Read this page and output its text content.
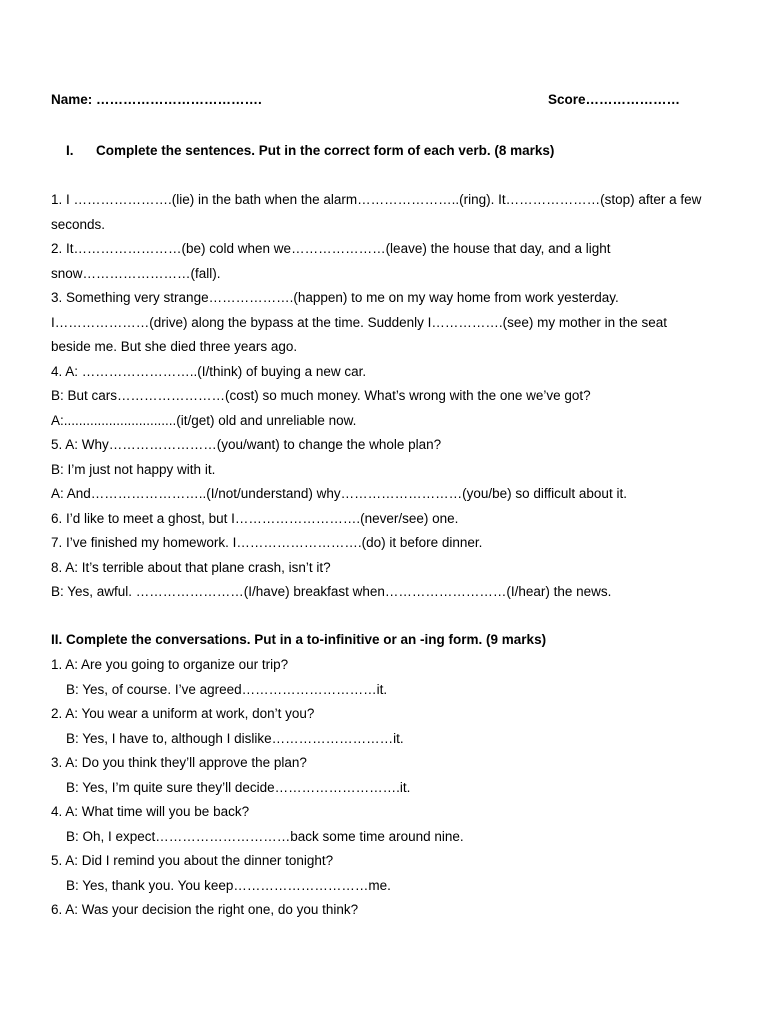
Name: ……………………………….	Score…………………
I. Complete the sentences. Put in the correct form of each verb. (8 marks)
1. I ………………….(lie) in the bath when the alarm…………………..(ring). It…………………(stop) after a few
seconds.
2. It……………………(be) cold when we…………………(leave) the house that day, and a light
snow……………………(fall).
3. Something very strange……………….(happen) to me on my way home from work yesterday.
I…………………(drive) along the bypass at the time. Suddenly I…………….(see) my mother in the seat
beside me. But she died three years ago.
4. A: ……………………..(I/think) of buying a new car.
B: But cars……………………(cost) so much money. What’s wrong with the one we’ve got?
A:..............................(it/get) old and unreliable now.
5. A: Why……………………(you/want) to change the whole plan?
B: I’m just not happy with it.
A: And……………………..(I/not/understand) why………………………(you/be) so difficult about it.
6. I’d like to meet a ghost, but I……………………….(never/see) one.
7. I’ve finished my homework. I……………………….(do) it before dinner.
8. A: It’s terrible about that plane crash, isn’t it?
B: Yes, awful. ……………………(I/have) breakfast when………………………(I/hear) the news.
II. Complete the conversations. Put in a to-infinitive or an -ing form. (9 marks)
1. A: Are you going to organize our trip?
B: Yes, of course. I’ve agreed…………………………it.
2. A: You wear a uniform at work, don’t you?
B: Yes, I have to, although I dislike………………………it.
3. A: Do you think they’ll approve the plan?
B: Yes, I’m quite sure they’ll decide……………………….it.
4. A: What time will you be back?
B: Oh, I expect…………………………back some time around nine.
5. A: Did I remind you about the dinner tonight?
B: Yes, thank you. You keep…………………………me.
6. A: Was your decision the right one, do you think?
